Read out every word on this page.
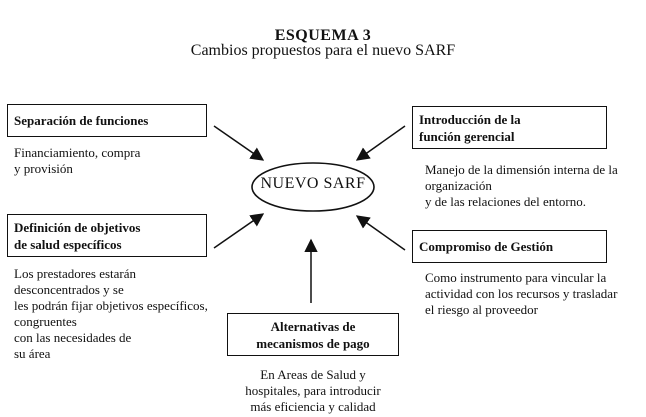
ESQUEMA 3
Cambios propuestos para el nuevo SARF
NUEVO SARF
Separación de funciones
Financiamiento, compra
y provisión
Introducción de la
función gerencial
Manejo de la dimensión interna de la
organización
y de las relaciones del entorno.
Definición de objetivos
de salud específicos
Los prestadores estarán
desconcentrados y se
les podrán fijar objetivos específicos,
congruentes
con las necesidades de
su área
Compromiso de Gestión
Como instrumento para vincular la
actividad con los recursos y trasladar
el riesgo al proveedor
Alternativas de
mecanismos de pago
En Areas de Salud y
hospitales, para introducir
más eficiencia y calidad
